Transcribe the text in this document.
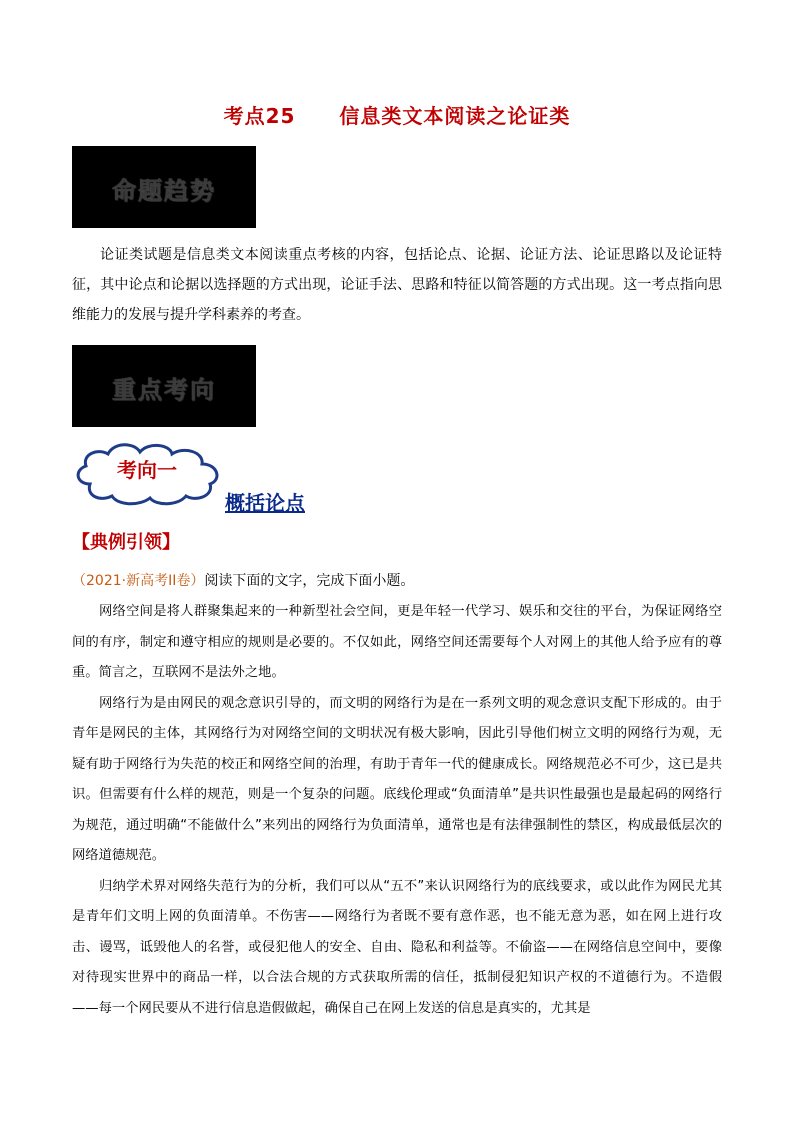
考点25 信息类文本阅读之论证类
命题趋势
论证类试题是信息类文本阅读重点考核的内容，包括论点、论据、论证方法、论证思路以及论证特征，其中论点和论据以选择题的方式出现，论证手法、思路和特征以简答题的方式出现。这一考点指向思维能力的发展与提升学科素养的考查。
重点考向
考向一
概括论点
【典例引领】
（2021·新高考II卷）阅读下面的文字，完成下面小题。

网络空间是将人群聚集起来的一种新型社会空间，更是年轻一代学习、娱乐和交往的平台，为保证网络空间的有序，制定和遵守相应的规则是必要的。不仅如此，网络空间还需要每个人对网上的其他人给予应有的尊重。简言之，互联网不是法外之地。

网络行为是由网民的观念意识引导的，而文明的网络行为是在一系列文明的观念意识支配下形成的。由于青年是网民的主体，其网络行为对网络空间的文明状况有极大影响，因此引导他们树立文明的网络行为观，无疑有助于网络行为失范的校正和网络空间的治理，有助于青年一代的健康成长。网络规范必不可少，这已是共识。但需要有什么样的规范，则是一个复杂的问题。底线伦理或“负面清单”是共识性最强也是最起码的网络行为规范，通过明确“不能做什么”来列出的网络行为负面清单，通常也是有法律强制性的禁区，构成最低层次的网络道德规范。

归纳学术界对网络失范行为的分析，我们可以从“五不”来认识网络行为的底线要求，或以此作为网民尤其是青年们文明上网的负面清单。不伤害——网络行为者既不要有意作恶，也不能无意为恶，如在网上进行攻击、谩骂，诋毁他人的名誉，或侵犯他人的安全、自由、隐私和利益等。不偷盗——在网络信息空间中，要像对待现实世界中的商品一样，以合法合规的方式获取所需的信任，抵制侵犯知识产权的不道德行为。不造假——每一个网民要从不进行信息造假做起，确保自己在网上发送的信息是真实的，尤其是
